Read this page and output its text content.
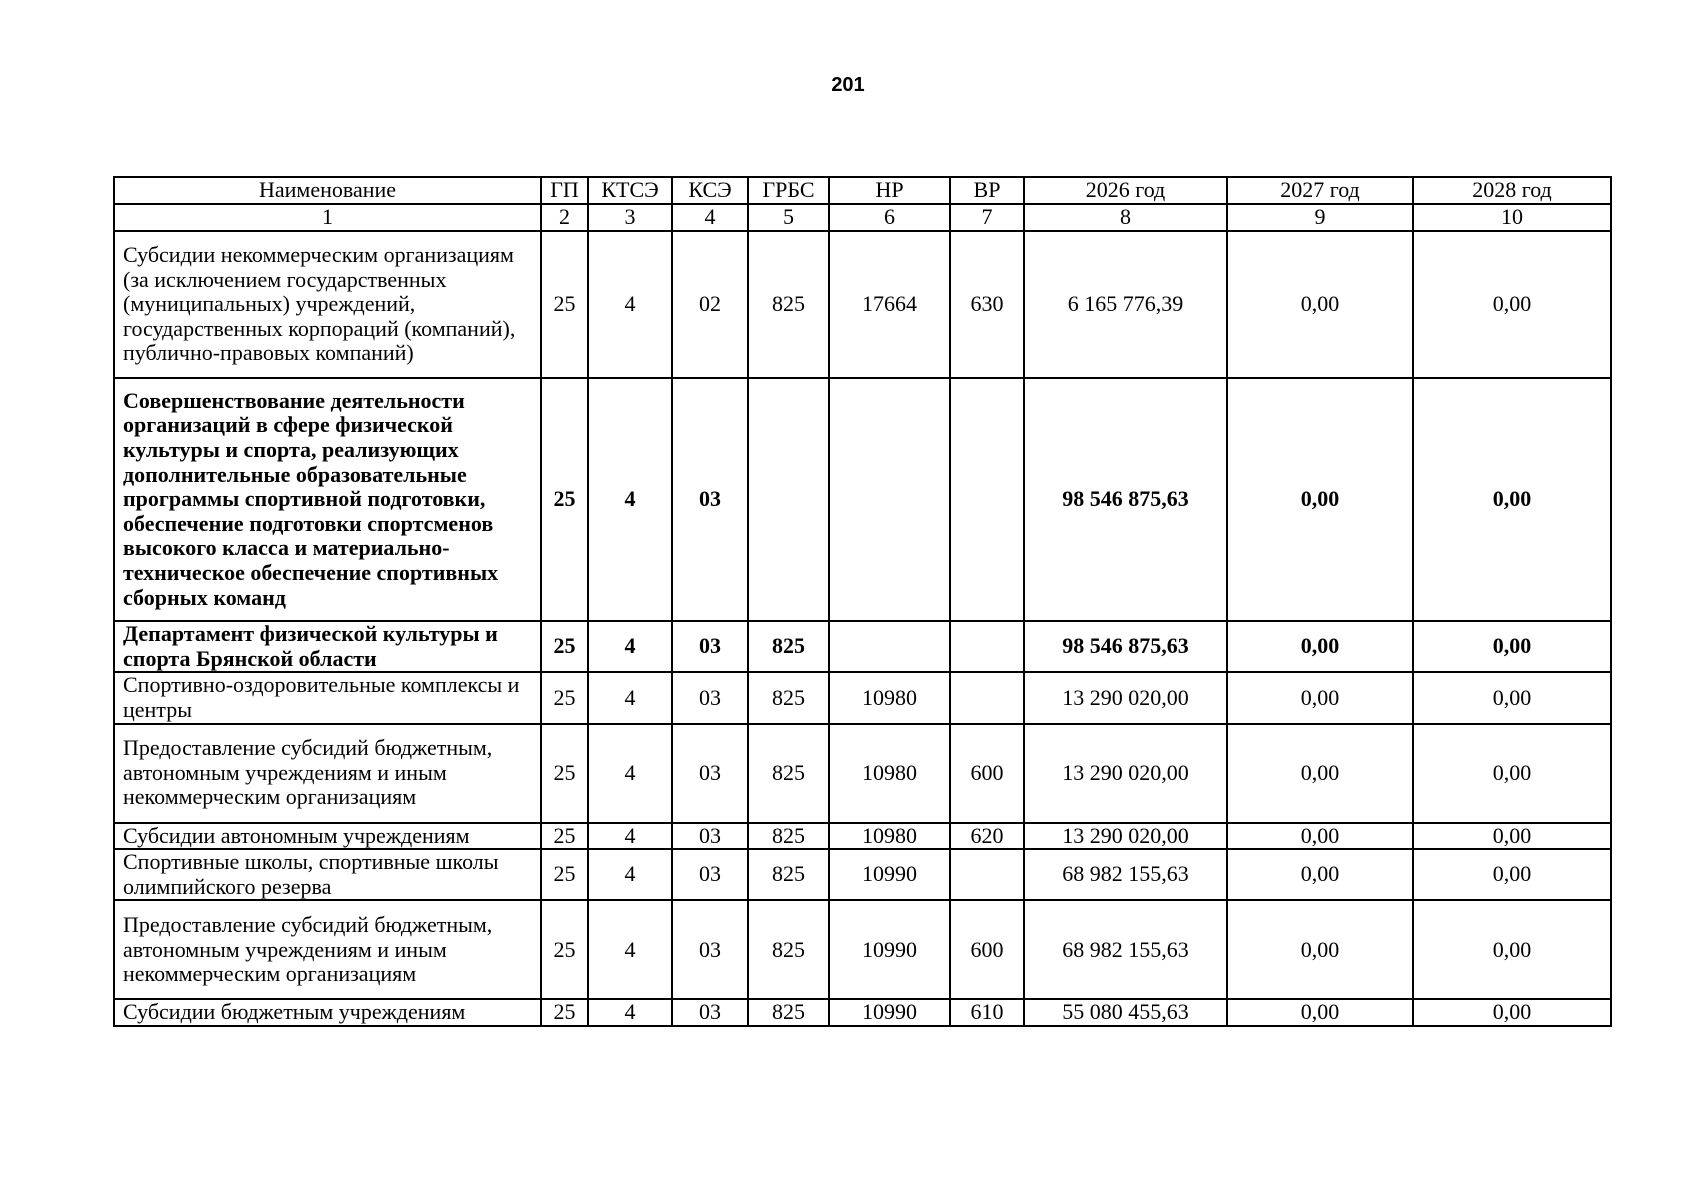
201
Наименование	ГП	КТСЭ	КСЭ	ГРБС	НР	ВР	2026 год	2027 год	2028 год
1	2	3	4	5	6	7	8	9	10
Субсидии некоммерческим организациям (за исключением государственных (муниципальных) учреждений, государственных корпораций (компаний), публично-правовых компаний)	25	4	02	825	17664	630	6 165 776,39	0,00	0,00
Совершенствование деятельности организаций в сфере физической культуры и спорта, реализующих дополнительные образовательные программы спортивной подготовки, обеспечение подготовки спортсменов высокого класса и материально-техническое обеспечение спортивных сборных команд	25	4	03				98 546 875,63	0,00	0,00
Департамент физической культуры и спорта Брянской области	25	4	03	825			98 546 875,63	0,00	0,00
Спортивно-оздоровительные комплексы и центры	25	4	03	825	10980		13 290 020,00	0,00	0,00
Предоставление субсидий бюджетным, автономным учреждениям и иным некоммерческим организациям	25	4	03	825	10980	600	13 290 020,00	0,00	0,00
Субсидии автономным учреждениям	25	4	03	825	10980	620	13 290 020,00	0,00	0,00
Спортивные школы, спортивные школы олимпийского резерва	25	4	03	825	10990		68 982 155,63	0,00	0,00
Предоставление субсидий бюджетным, автономным учреждениям и иным некоммерческим организациям	25	4	03	825	10990	600	68 982 155,63	0,00	0,00
Субсидии бюджетным учреждениям	25	4	03	825	10990	610	55 080 455,63	0,00	0,00
